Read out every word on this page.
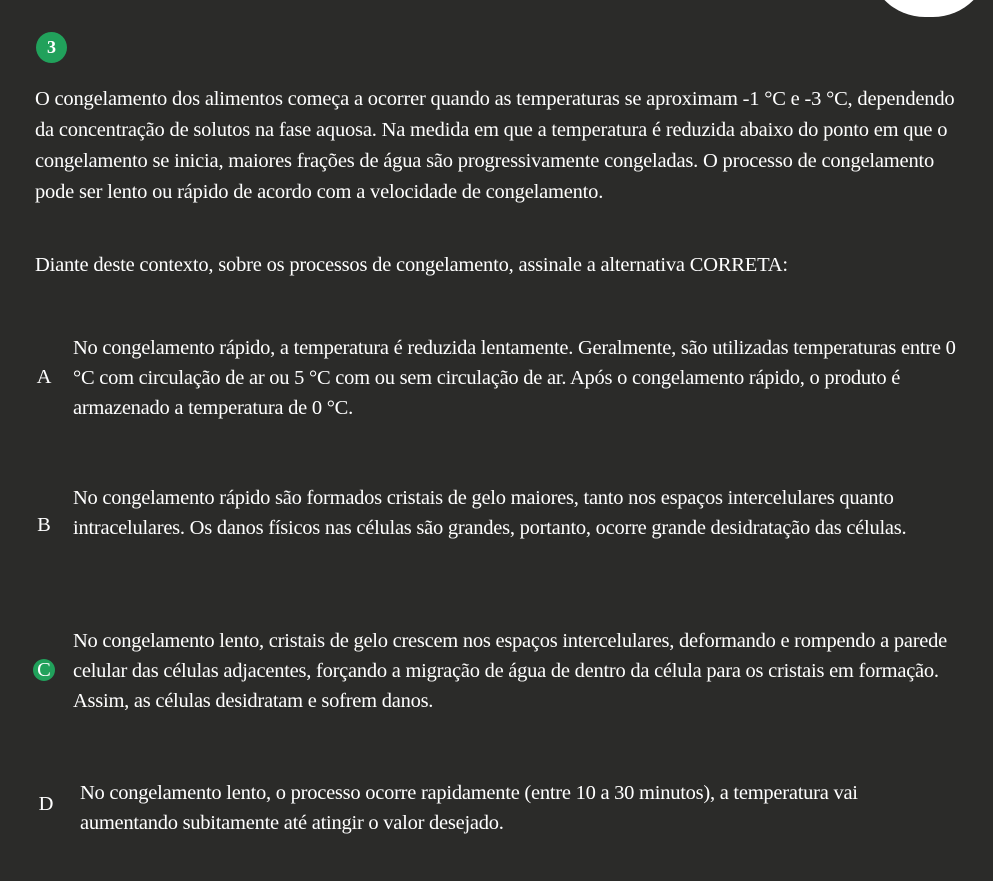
3
O congelamento dos alimentos começa a ocorrer quando as temperaturas se aproximam -1 °C e -3 °C, dependendo da concentração de solutos na fase aquosa. Na medida em que a temperatura é reduzida abaixo do ponto em que o congelamento se inicia, maiores frações de água são progressivamente congeladas. O processo de congelamento pode ser lento ou rápido de acordo com a velocidade de congelamento.
Diante deste contexto, sobre os processos de congelamento, assinale a alternativa CORRETA:
A
No congelamento rápido, a temperatura é reduzida lentamente. Geralmente, são utilizadas temperaturas entre 0 °C com circulação de ar ou 5 °C com ou sem circulação de ar. Após o congelamento rápido, o produto é armazenado a temperatura de 0 °C.
B
No congelamento rápido são formados cristais de gelo maiores, tanto nos espaços intercelulares quanto intracelulares. Os danos físicos nas células são grandes, portanto, ocorre grande desidratação das células.
C
No congelamento lento, cristais de gelo crescem nos espaços intercelulares, deformando e rompendo a parede celular das células adjacentes, forçando a migração de água de dentro da célula para os cristais em formação. Assim, as células desidratam e sofrem danos.
D No congelamento lento, o processo ocorre rapidamente (entre 10 a 30 minutos), a temperatura vai aumentando subitamente até atingir o valor desejado.
